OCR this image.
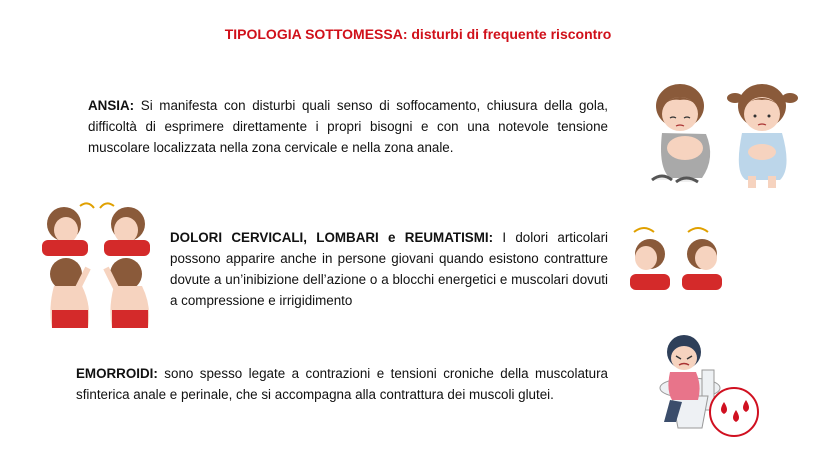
TIPOLOGIA SOTTOMESSA: disturbi di frequente riscontro
ANSIA: Si manifesta con disturbi quali senso di soffocamento, chiusura della gola, difficoltà di esprimere direttamente i propri bisogni e con una notevole tensione muscolare localizzata nella zona cervicale e nella zona anale.
DOLORI CERVICALI, LOMBARI e REUMATISMI: I dolori articolari possono apparire anche in persone giovani quando esistono contratture dovute a un’inibizione dell’azione o a blocchi energetici e muscolari dovuti a compressione e irrigidimento
EMORROIDI: sono spesso legate a contrazioni e tensioni croniche della muscolatura sfinterica anale e perinale, che si accompagna alla contrattura dei muscoli glutei.
